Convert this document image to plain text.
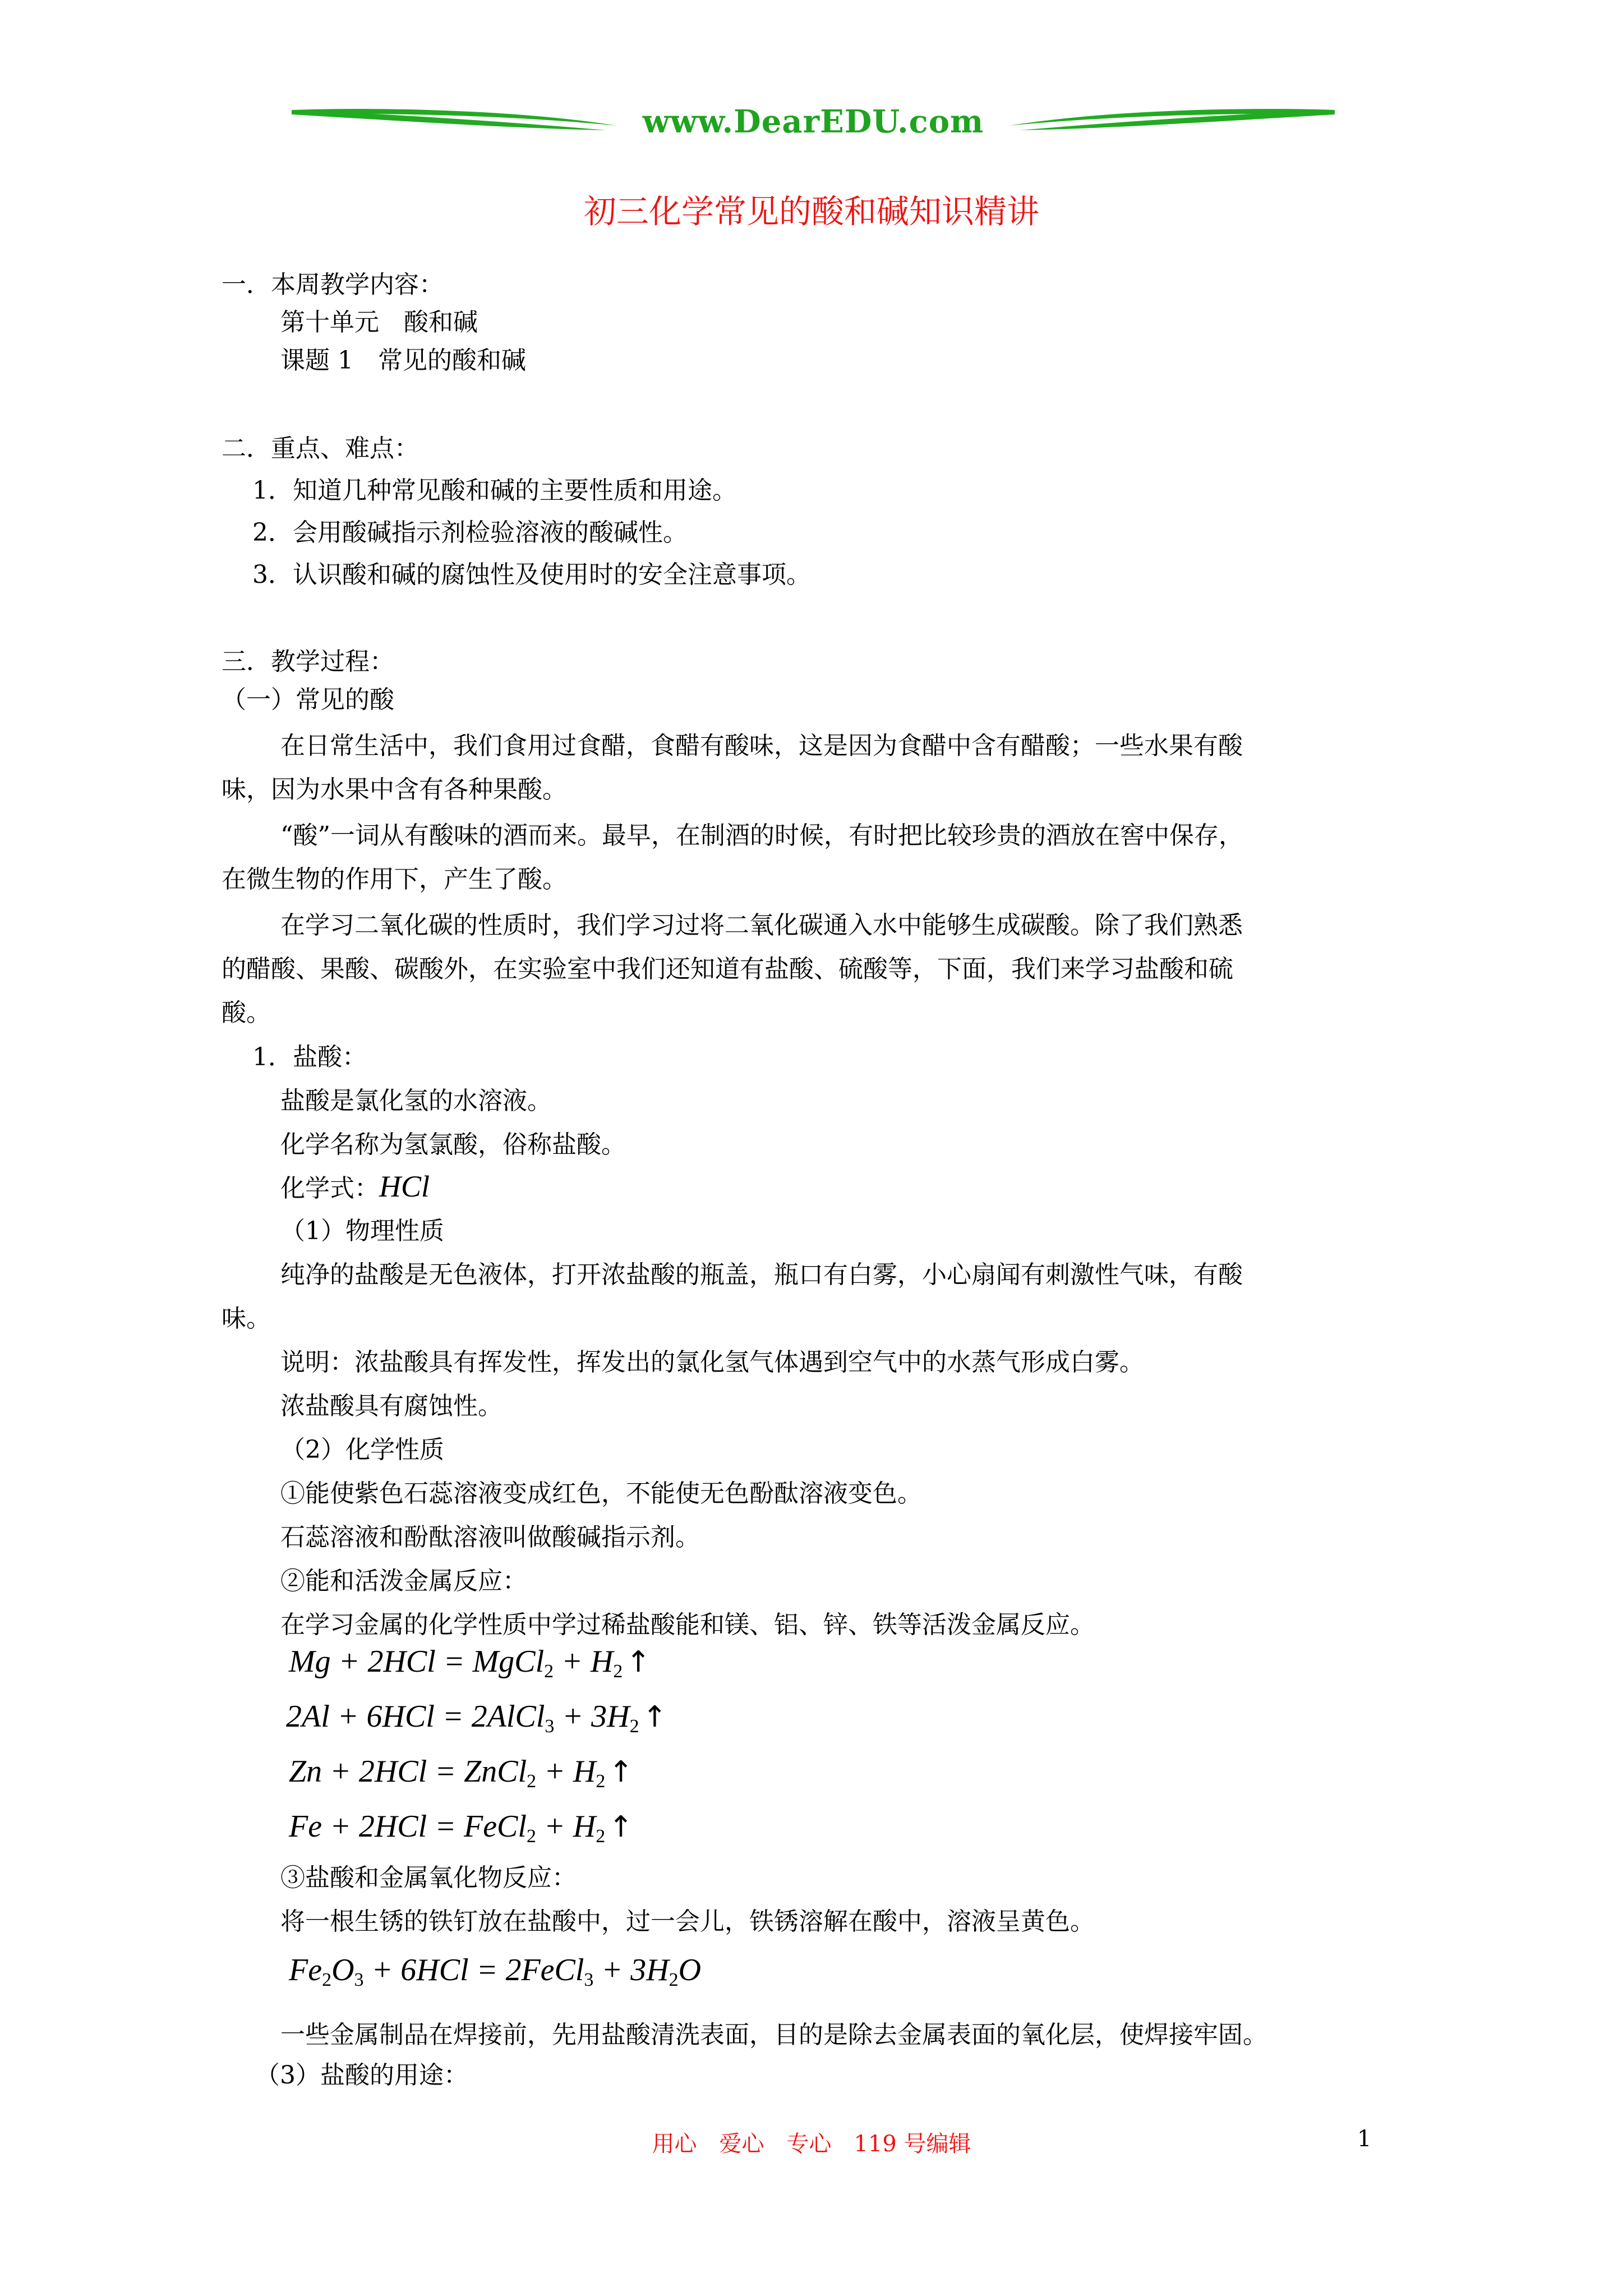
www.DearEDU.com
初三化学常见的酸和碱知识精讲
一．本周教学内容：
第十单元　酸和碱
课题 1　常见的酸和碱
二．重点、难点：
1．知道几种常见酸和碱的主要性质和用途。
2．会用酸碱指示剂检验溶液的酸碱性。
3．认识酸和碱的腐蚀性及使用时的安全注意事项。
三．教学过程：
（一）常见的酸
在日常生活中，我们食用过食醋，食醋有酸味，这是因为食醋中含有醋酸；一些水果有酸
味，因为水果中含有各种果酸。
“酸”一词从有酸味的酒而来。最早，在制酒的时候，有时把比较珍贵的酒放在窖中保存，
在微生物的作用下，产生了酸。
在学习二氧化碳的性质时，我们学习过将二氧化碳通入水中能够生成碳酸。除了我们熟悉
的醋酸、果酸、碳酸外，在实验室中我们还知道有盐酸、硫酸等，下面，我们来学习盐酸和硫
酸。
1．盐酸：
盐酸是氯化氢的水溶液。
化学名称为氢氯酸，俗称盐酸。
化学式：HCl
（1）物理性质
纯净的盐酸是无色液体，打开浓盐酸的瓶盖，瓶口有白雾，小心扇闻有刺激性气味，有酸
味。
说明：浓盐酸具有挥发性，挥发出的氯化氢气体遇到空气中的水蒸气形成白雾。
浓盐酸具有腐蚀性。
（2）化学性质
①能使紫色石蕊溶液变成红色，不能使无色酚酞溶液变色。
石蕊溶液和酚酞溶液叫做酸碱指示剂。
②能和活泼金属反应：
在学习金属的化学性质中学过稀盐酸能和镁、铝、锌、铁等活泼金属反应。
Mg + 2HCl = MgCl$_2$ + $H_2$ ↑
2Al + 6HCl = 2AlCl$_3$ + $3H_2$ ↑
Zn + 2HCl = ZnCl$_2$ + $H_2$ ↑
Fe + 2HCl = FeCl$_2$ + $H_2$ ↑
③盐酸和金属氧化物反应：
将一根生锈的铁钉放在盐酸中，过一会儿，铁锈溶解在酸中，溶液呈黄色。
$Fe_2O_3 + 6HCl$ = 2FeCl$_3$ + $3H_2O$
一些金属制品在焊接前，先用盐酸清洗表面，目的是除去金属表面的氧化层，使焊接牢固。
（3）盐酸的用途：
用心　爱心　专心　119 号编辑	1
